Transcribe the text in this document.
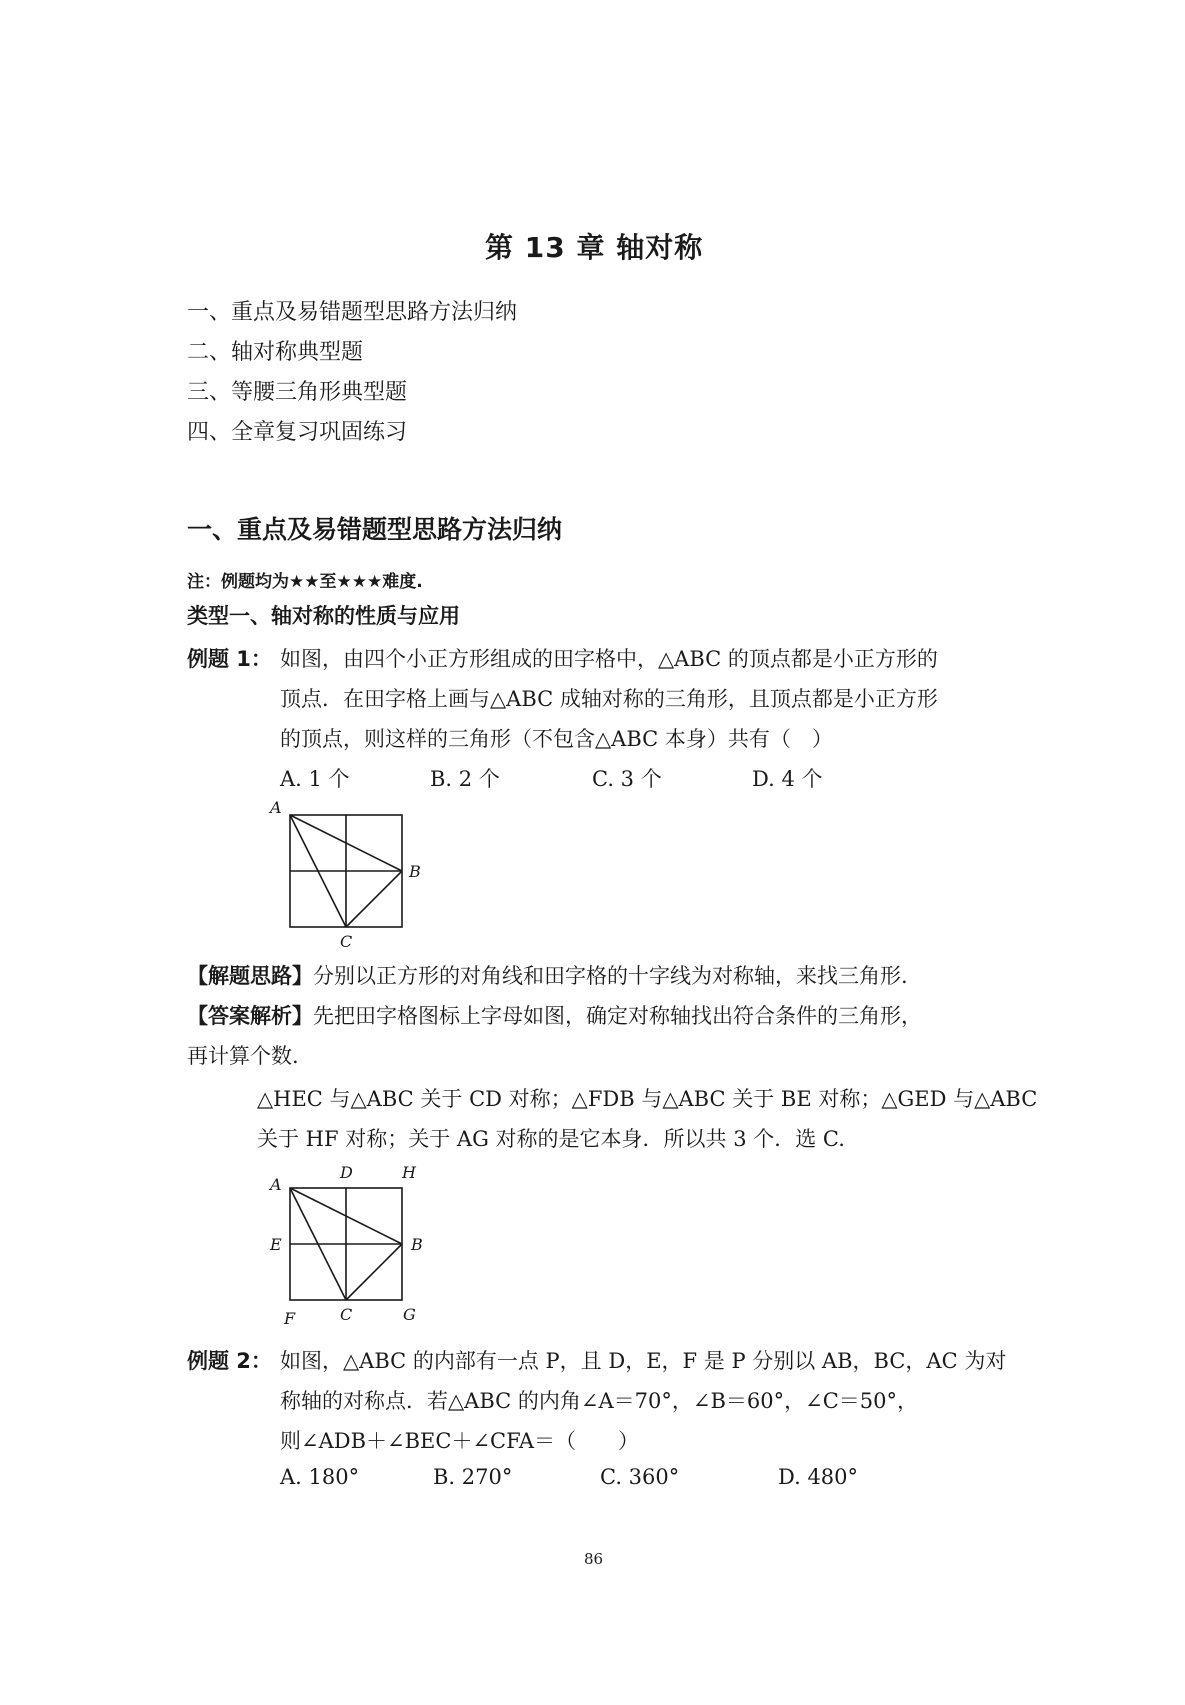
第 13 章 轴对称
一、重点及易错题型思路方法归纳
二、轴对称典型题
三、等腰三角形典型题
四、全章复习巩固练习
一、重点及易错题型思路方法归纳
注：例题均为★★至★★★难度.
类型一、轴对称的性质与应用
例题 1： 如图，由四个小正方形组成的田字格中，△ABC 的顶点都是小正方形的
顶点．在田字格上画与△ABC 成轴对称的三角形，且顶点都是小正方形
的顶点，则这样的三角形（不包含△ABC 本身）共有（　）
A. 1 个	B. 2 个	C. 3 个	D. 4 个
A
B
C
【解题思路】分别以正方形的对角线和田字格的十字线为对称轴，来找三角形.
【答案解析】先把田字格图标上字母如图，确定对称轴找出符合条件的三角形，
再计算个数.
△HEC 与△ABC 关于 CD 对称；△FDB 与△ABC 关于 BE 对称；△GED 与△ABC
关于 HF 对称；关于 AG 对称的是它本身．所以共 3 个．选 C.
A
D	H
E	B
F	C	G
例题 2： 如图，△ABC 的内部有一点 P，且 D，E，F 是 P 分别以 AB，BC，AC 为对
称轴的对称点．若△ABC 的内角∠A＝70°，∠B＝60°，∠C＝50°，
则∠ADB＋∠BEC＋∠CFA＝（　　）
A. 180°	B. 270°	C. 360°	D. 480°
86
